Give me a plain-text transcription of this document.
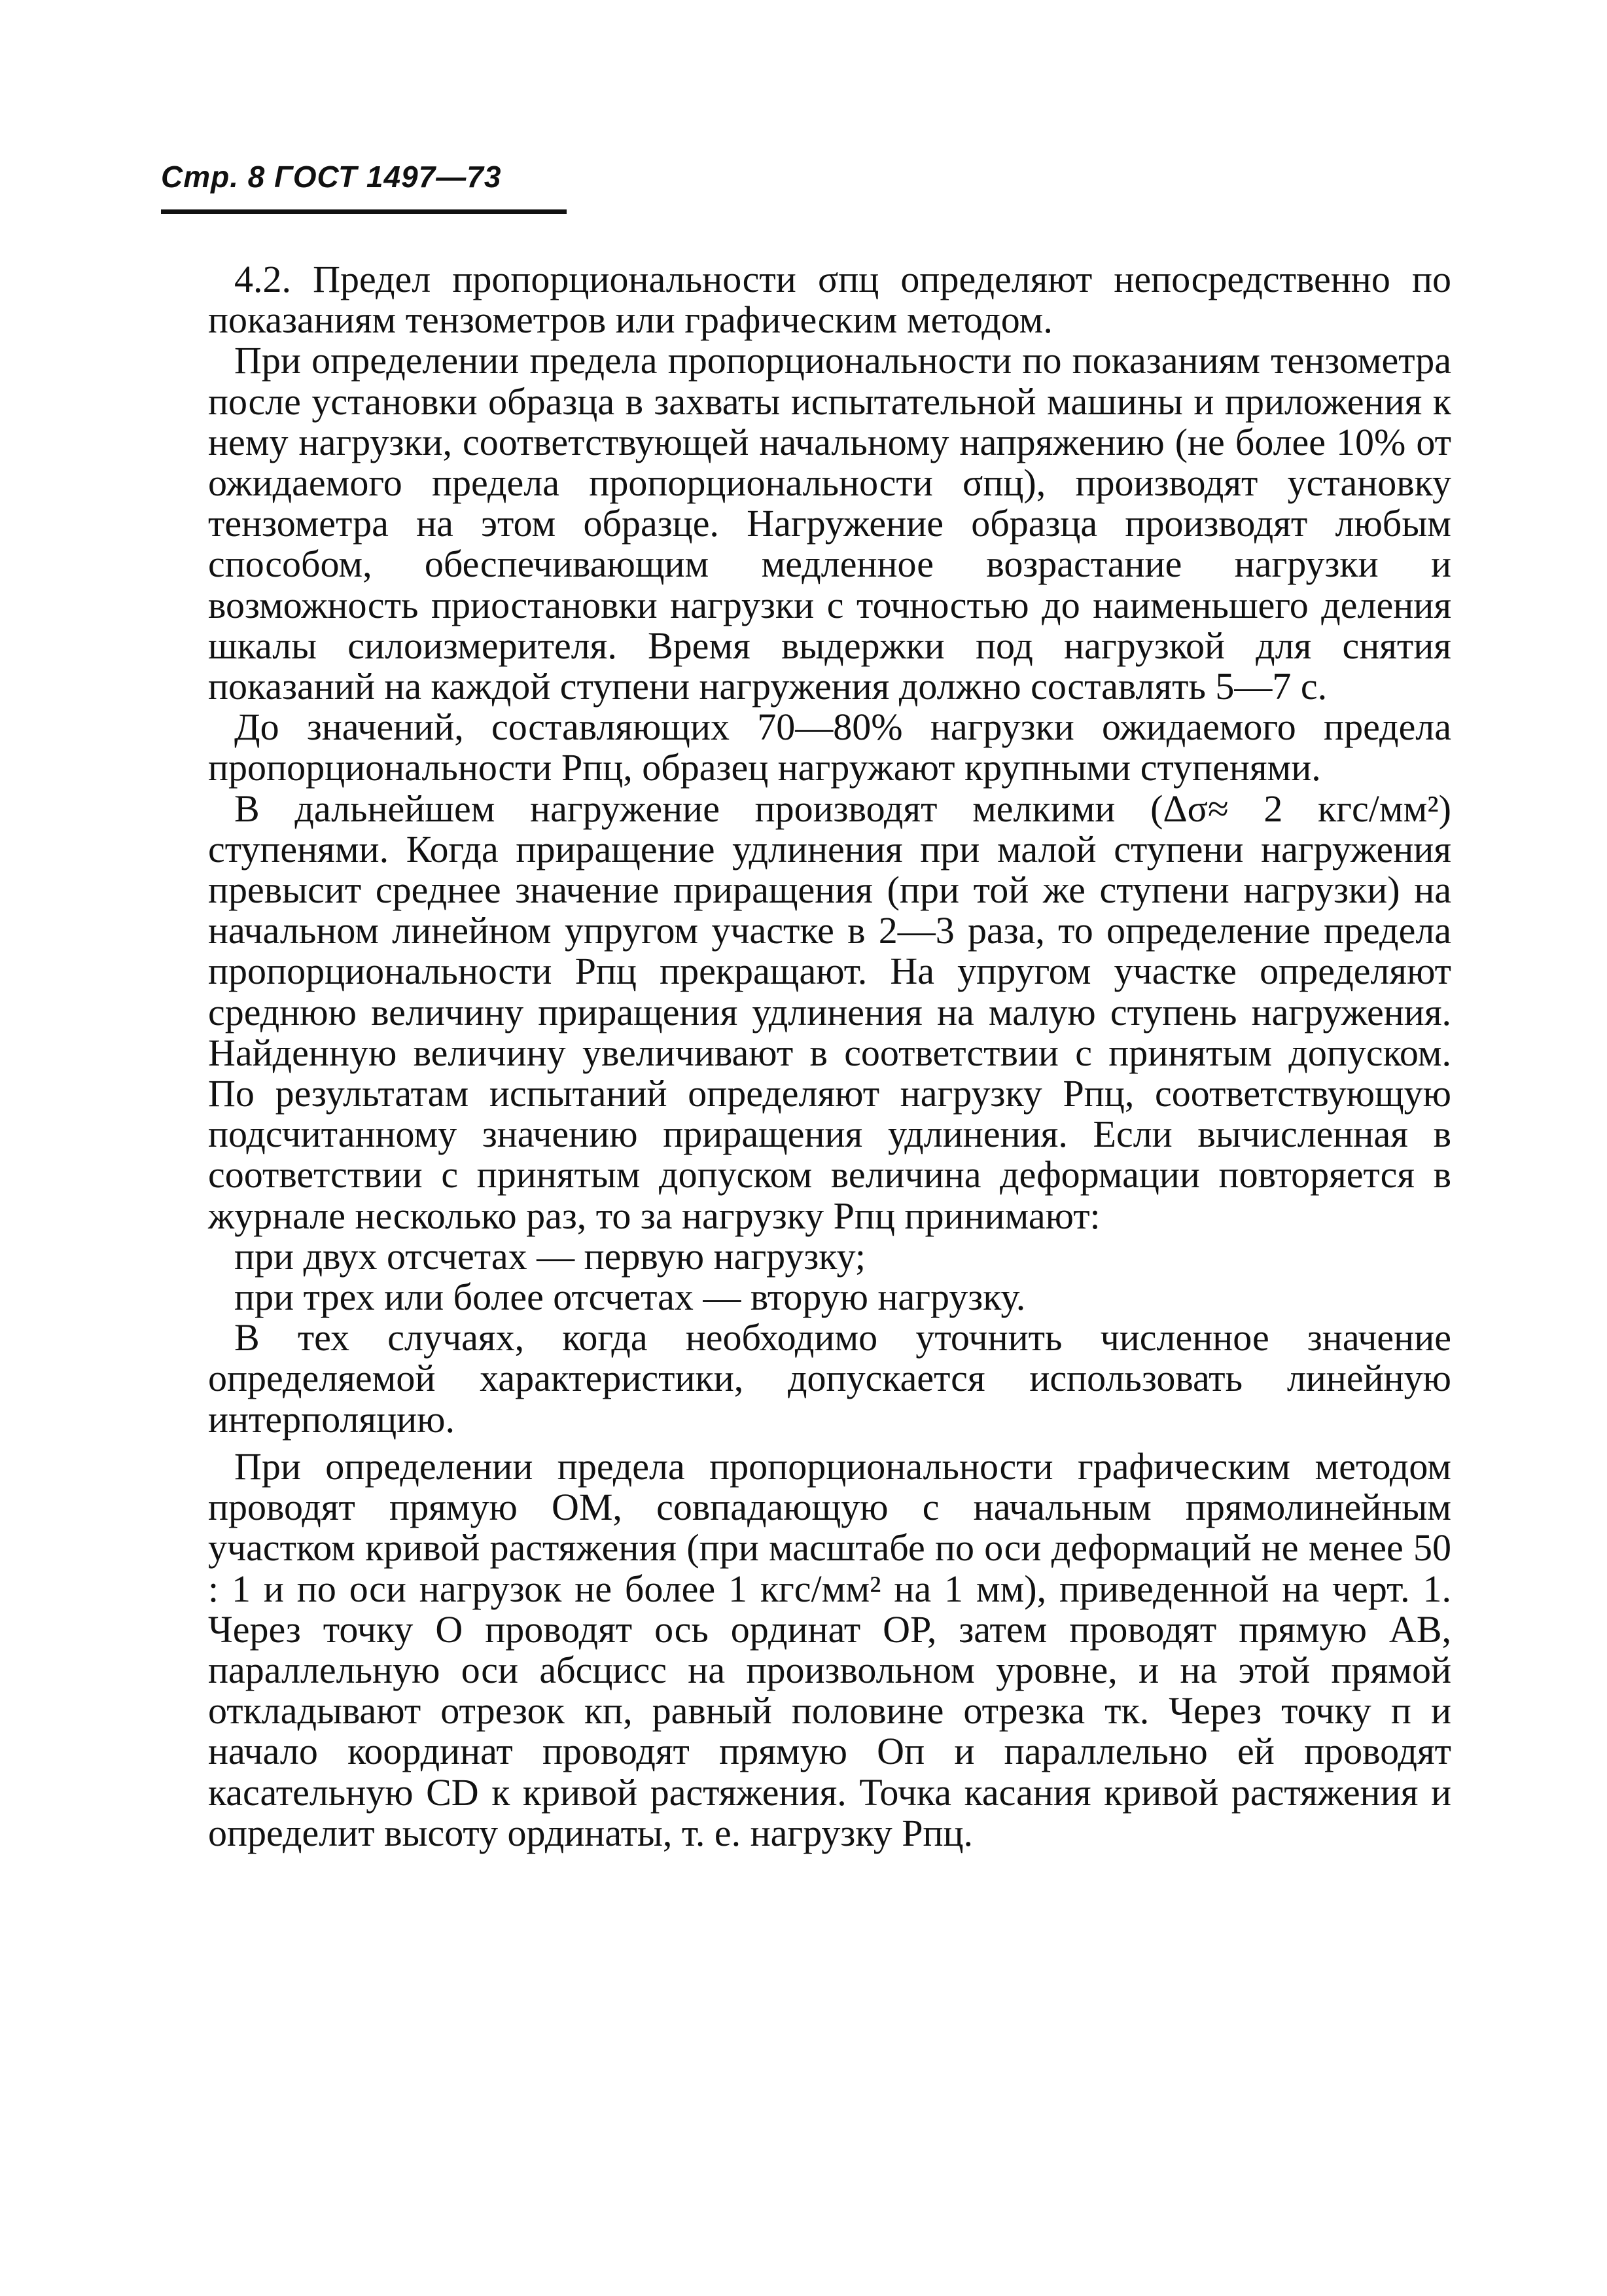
Стр. 8 ГОСТ 1497—73

4.2. Предел пропорциональности σпц определяют непосредственно по показаниям тензометров или графическим методом.

При определении предела пропорциональности по показаниям тензометра после установки образца в захваты испытательной машины и приложения к нему нагрузки, соответствующей начальному напряжению (не более 10% от ожидаемого предела пропорциональности σпц), производят установку тензометра на этом образце. Нагружение образца производят любым способом, обеспечивающим медленное возрастание нагрузки и возможность приостановки нагрузки с точностью до наименьшего деления шкалы силоизмерителя. Время выдержки под нагрузкой для снятия показаний на каждой ступени нагружения должно составлять 5—7 с.

До значений, составляющих 70—80% нагрузки ожидаемого предела пропорциональности Pпц, образец нагружают крупными ступенями.

В дальнейшем нагружение производят мелкими (Δσ≈ 2 кгс/мм²) ступенями. Когда приращение удлинения при малой ступени нагружения превысит среднее значение приращения (при той же ступени нагрузки) на начальном линейном упругом участке в 2—3 раза, то определение предела пропорциональности Pпц прекращают. На упругом участке определяют среднюю величину приращения удлинения на малую ступень нагружения. Найденную величину увеличивают в соответствии с принятым допуском. По результатам испытаний определяют нагрузку Pпц, соответствующую подсчитанному значению приращения удлинения. Если вычисленная в соответствии с принятым допуском величина деформации повторяется в журнале несколько раз, то за нагрузку Pпц принимают:

при двух отсчетах — первую нагрузку;

при трех или более отсчетах — вторую нагрузку.

В тех случаях, когда необходимо уточнить численное значение определяемой характеристики, допускается использовать линейную интерполяцию.

При определении предела пропорциональности графическим методом проводят прямую OM, совпадающую с начальным прямолинейным участком кривой растяжения (при масштабе по оси деформаций не менее 50 : 1 и по оси нагрузок не более 1 кгс/мм² на 1 мм), приведенной на черт. 1. Через точку O проводят ось ординат OP, затем проводят прямую AB, параллельную оси абсцисс на произвольном уровне, и на этой прямой откладывают отрезок кп, равный половине отрезка тк. Через точку п и начало координат проводят прямую Oп и параллельно ей проводят касательную CD к кривой растяжения. Точка касания кривой растяжения и определит высоту ординаты, т. е. нагрузку Pпц.
